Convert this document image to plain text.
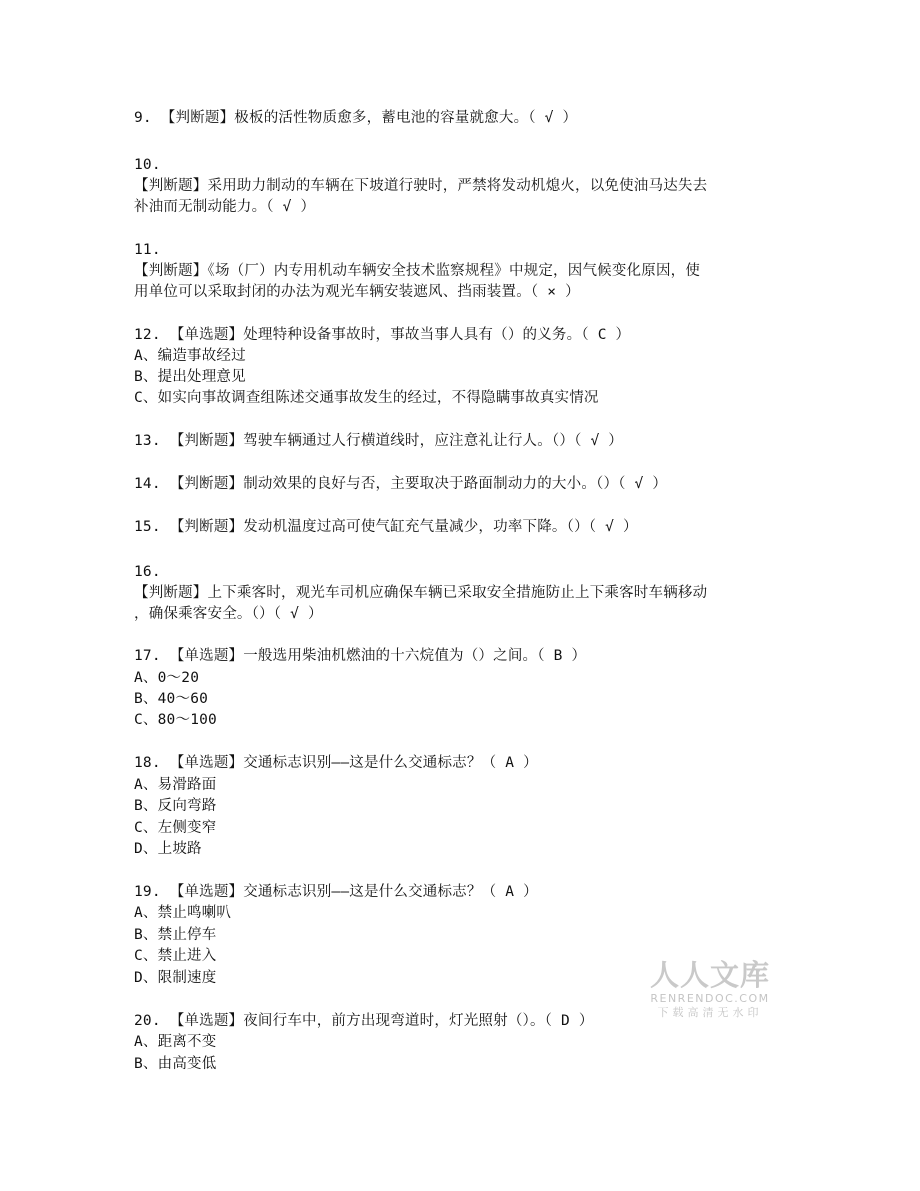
9. 【判断题】极板的活性物质愈多，蓄电池的容量就愈大。（ √ ）
10.
【判断题】采用助力制动的车辆在下坡道行驶时，严禁将发动机熄火，以免使油马达失去
补油而无制动能力。（ √ ）
11.
【判断题】《场（厂）内专用机动车辆安全技术监察规程》中规定，因气候变化原因，使
用单位可以采取封闭的办法为观光车辆安装遮风、挡雨装置。（ × ）
12. 【单选题】处理特种设备事故时，事故当事人具有（）的义务。（ C ）
A、编造事故经过
B、提出处理意见
C、如实向事故调查组陈述交通事故发生的经过，不得隐瞒事故真实情况
13. 【判断题】驾驶车辆通过人行横道线时，应注意礼让行人。（）（ √ ）
14. 【判断题】制动效果的良好与否，主要取决于路面制动力的大小。（）（ √ ）
15. 【判断题】发动机温度过高可使气缸充气量减少，功率下降。（）（ √ ）
16.
【判断题】上下乘客时，观光车司机应确保车辆已采取安全措施防止上下乘客时车辆移动
，确保乘客安全。（）（ √ ）
17. 【单选题】一般选用柴油机燃油的十六烷值为（）之间。（ B ）
A、0～20
B、40～60
C、80～100
18. 【单选题】交通标志识别——这是什么交通标志？（ A ）
A、易滑路面
B、反向弯路
C、左侧变窄
D、上坡路
19. 【单选题】交通标志识别——这是什么交通标志？（ A ）
A、禁止鸣喇叭
B、禁止停车
C、禁止进入
D、限制速度
20. 【单选题】夜间行车中，前方出现弯道时，灯光照射（）。（ D ）
A、距离不变
B、由高变低
人人文库
RENRENDOC.COM
下载高清无水印
